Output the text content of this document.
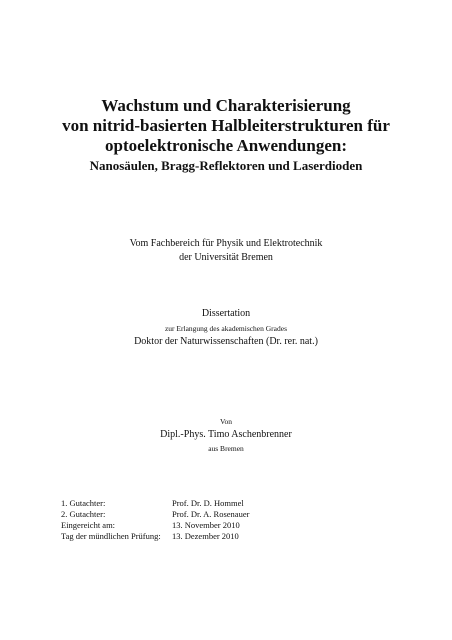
Wachstum und Charakterisierung
von nitrid-basierten Halbleiterstrukturen für
optoelektronische Anwendungen:
Nanosäulen, Bragg-Reflektoren und Laserdioden
Vom Fachbereich für Physik und Elektrotechnik
der Universität Bremen
Dissertation
zur Erlangung des akademischen Grades
Doktor der Naturwissenschaften (Dr. rer. nat.)
Von
Dipl.-Phys. Timo Aschenbrenner
aus Bremen
1. Gutachter:	Prof. Dr. D. Hommel
2. Gutachter:	Prof. Dr. A. Rosenauer
Eingereicht am:	13. November 2010
Tag der mündlichen Prüfung:	13. Dezember 2010
